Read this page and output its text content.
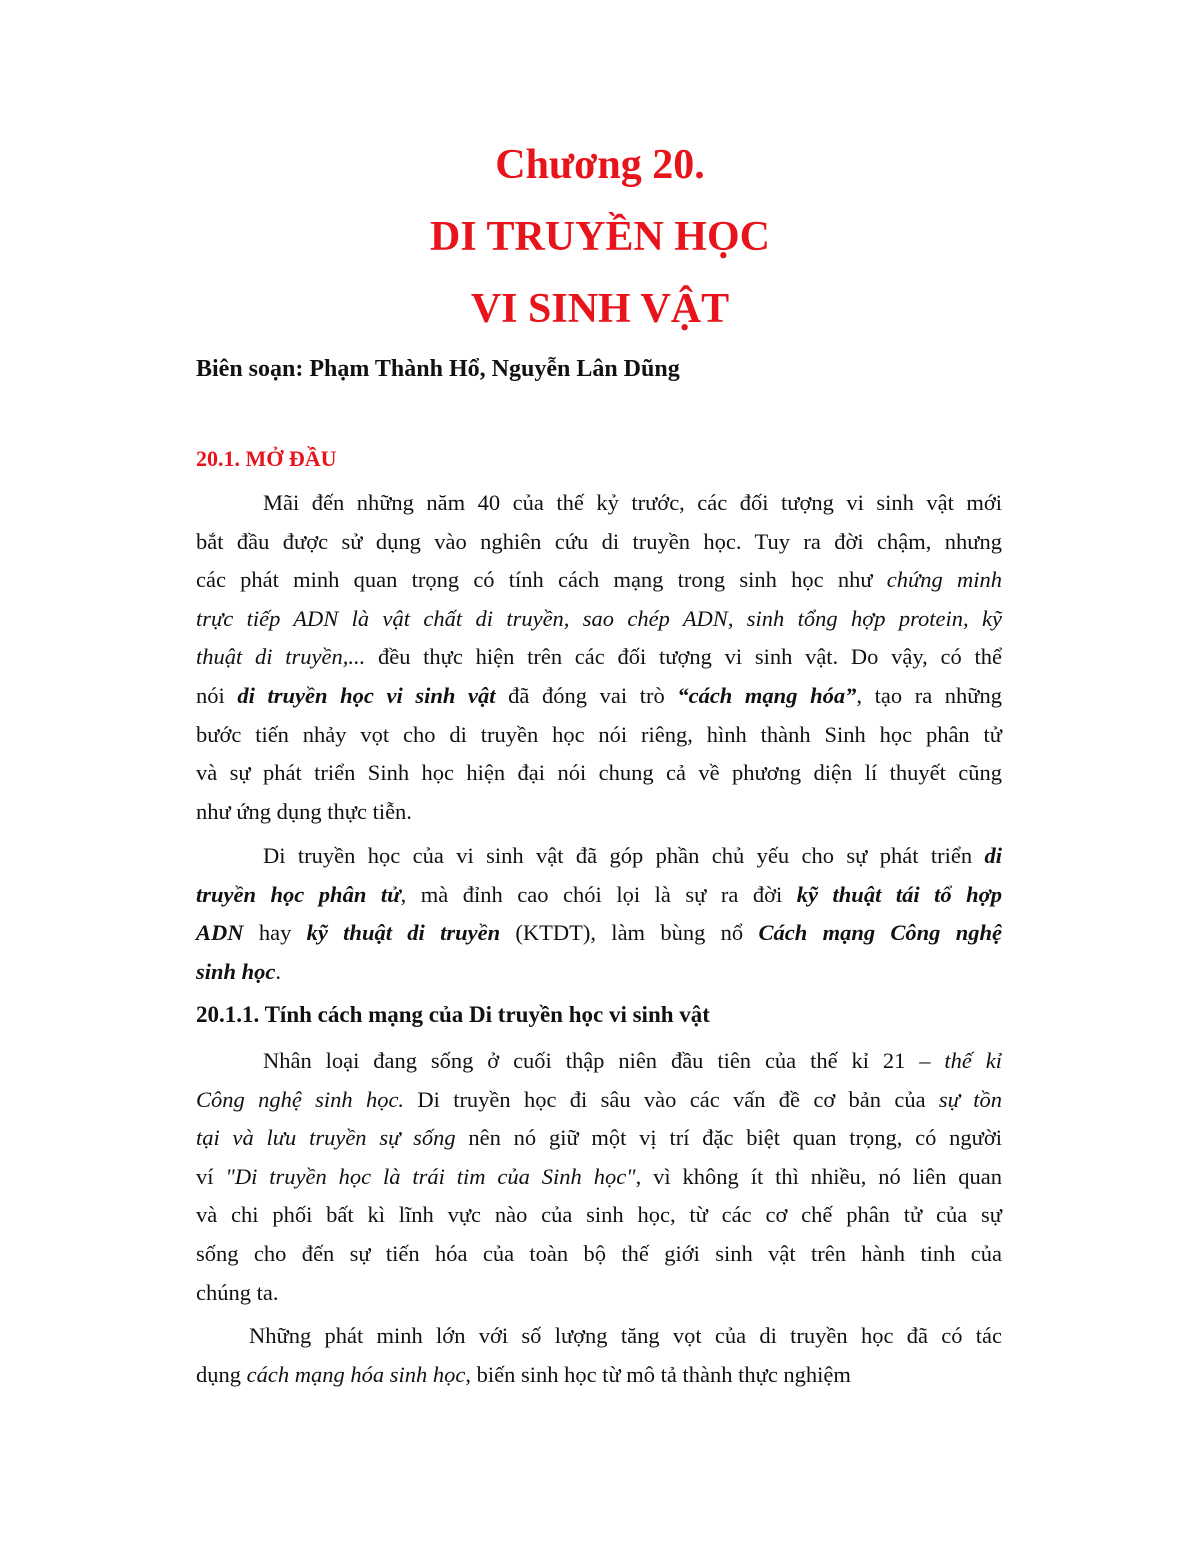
Chương 20.
DI TRUYỀN HỌC
VI SINH VẬT
Biên soạn: Phạm Thành Hổ, Nguyễn Lân Dũng
20.1. MỞ ĐẦU
20.1.1. Tính cách mạng của Di truyền học vi sinh vật
Mãi đến những năm 40 của thế kỷ trước, các đối tượng vi sinh vật mới
bắt đầu được sử dụng vào nghiên cứu di truyền học. Tuy ra đời chậm, nhưng
các phát minh quan trọng có tính cách mạng trong sinh học như chứng minh
trực tiếp ADN là vật chất di truyền, sao chép ADN, sinh tổng hợp protein, kỹ
thuật di truyền,... đều thực hiện trên các đối tượng vi sinh vật. Do vậy, có thể
nói di truyền học vi sinh vật đã đóng vai trò “cách mạng hóa”, tạo ra những
bước tiến nhảy vọt cho di truyền học nói riêng, hình thành Sinh học phân tử
và sự phát triển Sinh học hiện đại nói chung cả về phương diện lí thuyết cũng
như ứng dụng thực tiễn.
Di truyền học của vi sinh vật đã góp phần chủ yếu cho sự phát triển di
truyền học phân tử, mà đỉnh cao chói lọi là sự ra đời kỹ thuật tái tổ hợp
ADN hay kỹ thuật di truyền (KTDT), làm bùng nổ Cách mạng Công nghệ
sinh học.
Nhân loại đang sống ở cuối thập niên đầu tiên của thế kỉ 21 – thế kỉ
Công nghệ sinh học. Di truyền học đi sâu vào các vấn đề cơ bản của sự tồn
tại và lưu truyền sự sống nên nó giữ một vị trí đặc biệt quan trọng, có người
ví "Di truyền học là trái tim của Sinh học", vì không ít thì nhiều, nó liên quan
và chi phối bất kì lĩnh vực nào của sinh học, từ các cơ chế phân tử của sự
sống cho đến sự tiến hóa của toàn bộ thế giới sinh vật trên hành tinh của
chúng ta.
Những phát minh lớn với số lượng tăng vọt của di truyền học đã có tác
dụng cách mạng hóa sinh học, biến sinh học từ mô tả thành thực nghiệm
